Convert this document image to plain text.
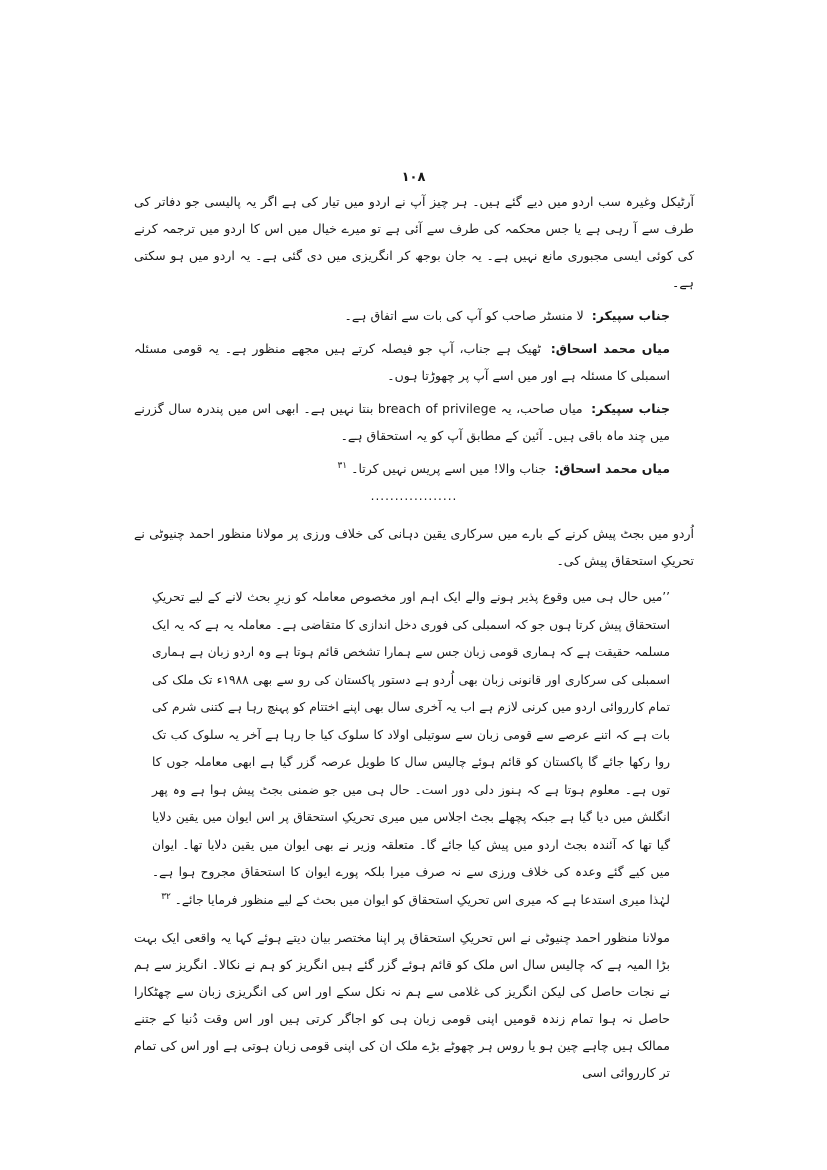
۱۰۸

آرٹیکل وغیرہ سب اردو میں دیے گئے ہیں۔ ہر چیز آپ نے اردو میں تیار کی ہے اگر یہ پالیسی جو دفاتر کی طرف سے آ رہی ہے یا جس محکمہ کی طرف سے آئی ہے تو میرے خیال میں اس کا اردو میں ترجمہ کرنے کی کوئی ایسی مجبوری مانع نہیں ہے۔ یہ جان بوجھ کر انگریزی میں دی گئی ہے۔ یہ اردو میں ہو سکتی ہے۔

جناب سپیکر: لا منسٹر صاحب کو آپ کی بات سے اتفاق ہے۔

میاں محمد اسحاق: ٹھیک ہے جناب، آپ جو فیصلہ کرتے ہیں مجھے منظور ہے۔ یہ قومی مسئلہ اسمبلی کا مسئلہ ہے اور میں اسے آپ پر چھوڑتا ہوں۔

جناب سپیکر: میاں صاحب، یہ breach of privilege بنتا نہیں ہے۔ ابھی اس میں پندرہ سال گزرنے میں چند ماہ باقی ہیں۔ آئین کے مطابق آپ کو یہ استحقاق ہے۔

میاں محمد اسحاق: جناب والا! میں اسے پریس نہیں کرتا۔ $^{۳۱}$

..................

اُردو میں بجٹ پیش کرنے کے بارے میں سرکاری یقین دہانی کی خلاف ورزی پر مولانا منظور احمد چنیوٹی نے تحریکِ استحقاق پیش کی۔

’’میں حال ہی میں وقوع پذیر ہونے والے ایک اہم اور مخصوص معاملہ کو زیرِ بحث لانے کے لیے تحریکِ استحقاق پیش کرتا ہوں جو کہ اسمبلی کی فوری دخل اندازی کا متقاضی ہے۔ معاملہ یہ ہے کہ یہ ایک مسلمہ حقیقت ہے کہ ہماری قومی زبان جس سے ہمارا تشخص قائم ہوتا ہے وہ اردو زبان ہے ہماری اسمبلی کی سرکاری اور قانونی زبان بھی اُردو ہے دستور پاکستان کی رو سے بھی ۱۹۸۸ء تک ملک کی تمام کارروائی اردو میں کرنی لازم ہے اب یہ آخری سال بھی اپنے اختتام کو پہنچ رہا ہے کتنی شرم کی بات ہے کہ اتنے عرصے سے قومی زبان سے سوتیلی اولاد کا سلوک کیا جا رہا ہے آخر یہ سلوک کب تک روا رکھا جائے گا پاکستان کو قائم ہوئے چالیس سال کا طویل عرصہ گزر گیا ہے ابھی معاملہ جوں کا توں ہے۔ معلوم ہوتا ہے کہ ہنوز دلی دور است۔ حال ہی میں جو ضمنی بجٹ پیش ہوا ہے وہ پھر انگلش میں دیا گیا ہے جبکہ پچھلے بجٹ اجلاس میں میری تحریکِ استحقاق پر اس ایوان میں یقین دلایا گیا تھا کہ آئندہ بجٹ اردو میں پیش کیا جائے گا۔ متعلقہ وزیر نے بھی ایوان میں یقین دلایا تھا۔ ایوان میں کیے گئے وعدہ کی خلاف ورزی سے نہ صرف میرا بلکہ پورے ایوان کا استحقاق مجروح ہوا ہے۔ لہٰذا میری استدعا ہے کہ میری اس تحریکِ استحقاق کو ایوان میں بحث کے لیے منظور فرمایا جائے۔ $^{۳۲}$

مولانا منظور احمد چنیوٹی نے اس تحریکِ استحقاق پر اپنا مختصر بیان دیتے ہوئے کہا یہ واقعی ایک بہت بڑا المیہ ہے کہ چالیس سال اس ملک کو قائم ہوئے گزر گئے ہیں انگریز کو ہم نے نکالا۔ انگریز سے ہم نے نجات حاصل کی لیکن انگریز کی غلامی سے ہم نہ نکل سکے اور اس کی انگریزی زبان سے چھٹکارا حاصل نہ ہوا تمام زندہ قومیں اپنی قومی زبان ہی کو اجاگر کرتی ہیں اور اس وقت دُنیا کے جتنے ممالک ہیں چاہے چین ہو یا روس ہر چھوٹے بڑے ملک ان کی اپنی قومی زبان ہوتی ہے اور اس کی تمام تر کارروائی اسی
